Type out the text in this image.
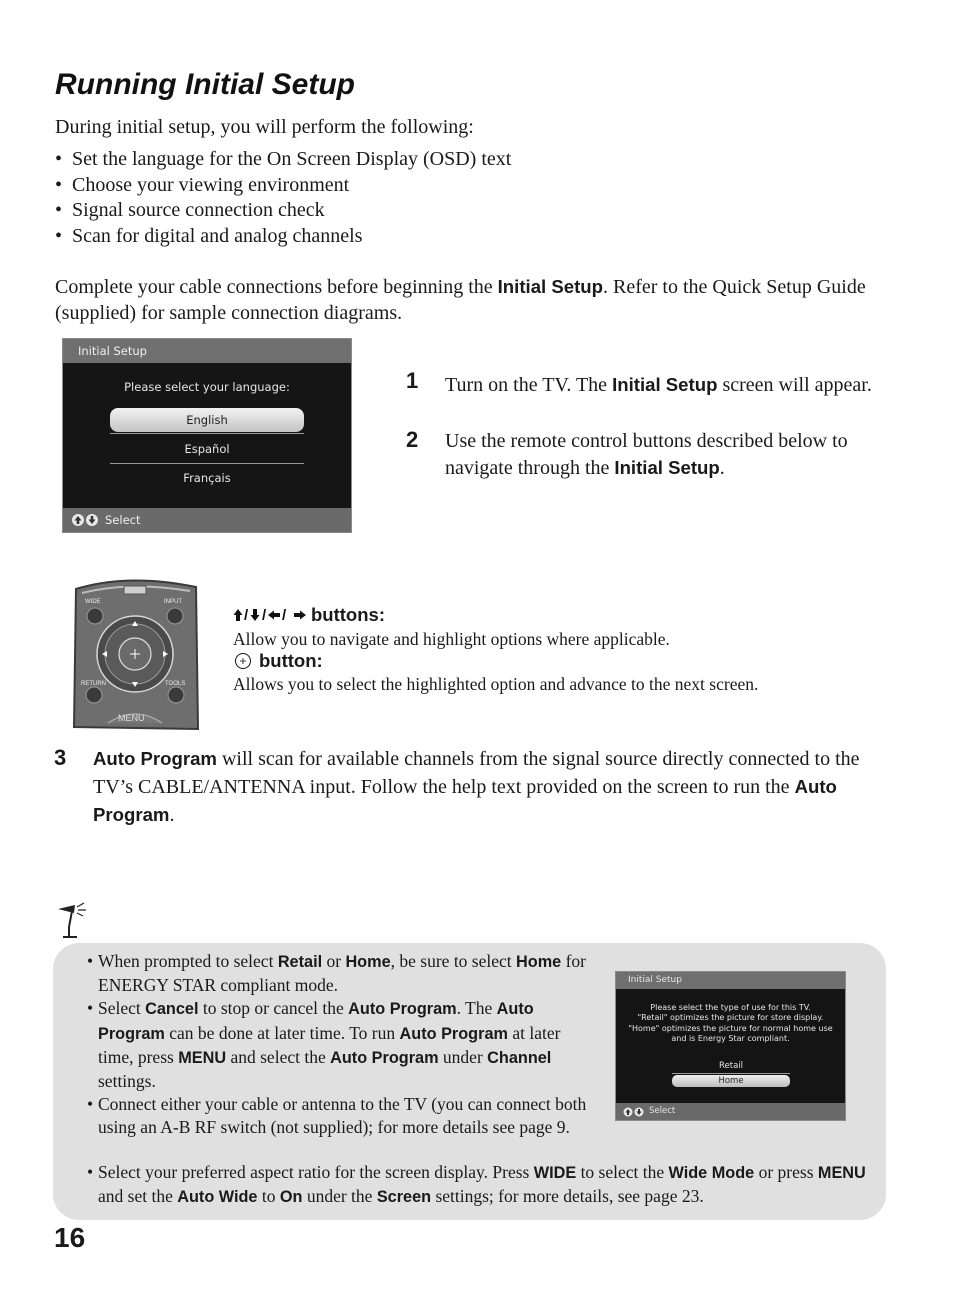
Running Initial Setup
During initial setup, you will perform the following:
• Set the language for the On Screen Display (OSD) text
• Choose your viewing environment
• Signal source connection check
• Scan for digital and analog channels
Complete your cable connections before beginning the Initial Setup. Refer to the Quick Setup Guide (supplied) for sample connection diagrams.
Initial Setup
Please select your language:
English
Español
Français
Select
1 Turn on the TV. The Initial Setup screen will appear.
2 Use the remote control buttons described below to navigate through the Initial Setup.
WIDE	INPUT
RETURN	TOOLS
MENU
/ / / buttons:
Allow you to navigate and highlight options where applicable.
button:
Allows you to select the highlighted option and advance to the next screen.
3 Auto Program will scan for available channels from the signal source directly connected to the TV’s CABLE/ANTENNA input. Follow the help text provided on the screen to run the Auto Program.
• When prompted to select Retail or Home, be sure to select Home for ENERGY STAR compliant mode.
• Select Cancel to stop or cancel the Auto Program. The Auto Program can be done at later time. To run Auto Program at later time, press MENU and select the Auto Program under Channel settings.
• Connect either your cable or antenna to the TV (you can connect both using an A-B RF switch (not supplied); for more details see page 9.
• Select your preferred aspect ratio for the screen display. Press WIDE to select the Wide Mode or press MENU and set the Auto Wide to On under the Screen settings; for more details, see page 23.
Initial Setup
Please select the type of use for this TV.
"Retail" optimizes the picture for store display.
"Home" optimizes the picture for normal home use
and is Energy Star compliant.
Retail
Home
Select
16
